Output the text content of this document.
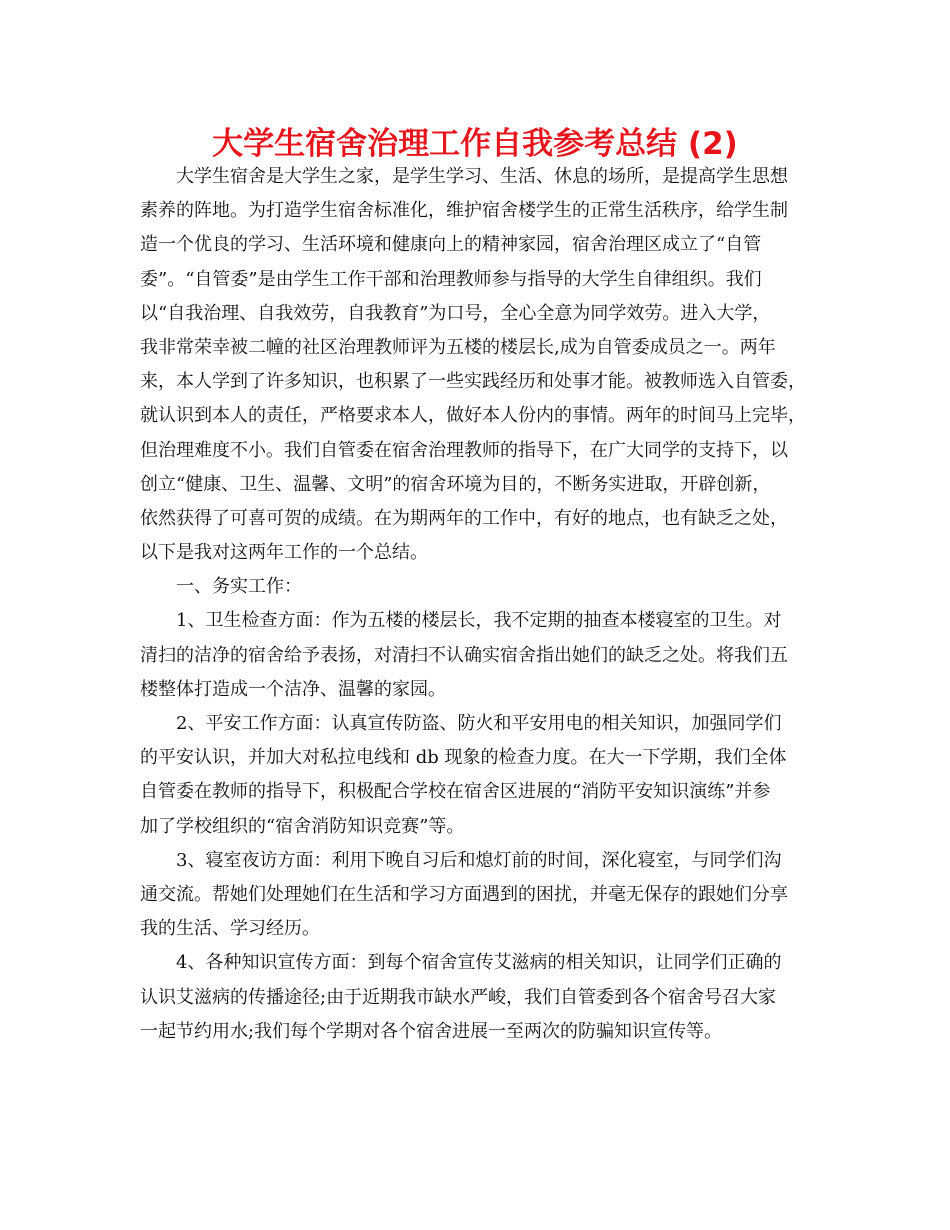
大学生宿舍治理工作自我参考总结 (2)
大学生宿舍是大学生之家，是学生学习、生活、休息的场所，是提高学生思想
素养的阵地。为打造学生宿舍标准化，维护宿舍楼学生的正常生活秩序，给学生制
造一个优良的学习、生活环境和健康向上的精神家园，宿舍治理区成立了“自管
委”。“自管委”是由学生工作干部和治理教师参与指导的大学生自律组织。我们
以“自我治理、自我效劳，自我教育”为口号，全心全意为同学效劳。进入大学，
我非常荣幸被二幢的社区治理教师评为五楼的楼层长,成为自管委成员之一。两年
来，本人学到了许多知识，也积累了一些实践经历和处事才能。被教师选入自管委，
就认识到本人的责任，严格要求本人，做好本人份内的事情。两年的时间马上完毕，
但治理难度不小。我们自管委在宿舍治理教师的指导下，在广大同学的支持下，以
创立“健康、卫生、温馨、文明”的宿舍环境为目的，不断务实进取，开辟创新，
依然获得了可喜可贺的成绩。在为期两年的工作中，有好的地点，也有缺乏之处，
以下是我对这两年工作的一个总结。
一、务实工作：
1、卫生检查方面：作为五楼的楼层长，我不定期的抽查本楼寝室的卫生。对
清扫的洁净的宿舍给予表扬，对清扫不认确实宿舍指出她们的缺乏之处。将我们五
楼整体打造成一个洁净、温馨的家园。
2、平安工作方面：认真宣传防盗、防火和平安用电的相关知识，加强同学们
的平安认识，并加大对私拉电线和 db 现象的检查力度。在大一下学期，我们全体
自管委在教师的指导下，积极配合学校在宿舍区进展的“消防平安知识演练”并参
加了学校组织的“宿舍消防知识竞赛”等。
3、寝室夜访方面：利用下晚自习后和熄灯前的时间，深化寝室，与同学们沟
通交流。帮她们处理她们在生活和学习方面遇到的困扰，并毫无保存的跟她们分享
我的生活、学习经历。
4、各种知识宣传方面：到每个宿舍宣传艾滋病的相关知识，让同学们正确的
认识艾滋病的传播途径;由于近期我市缺水严峻，我们自管委到各个宿舍号召大家
一起节约用水;我们每个学期对各个宿舍进展一至两次的防骗知识宣传等。
